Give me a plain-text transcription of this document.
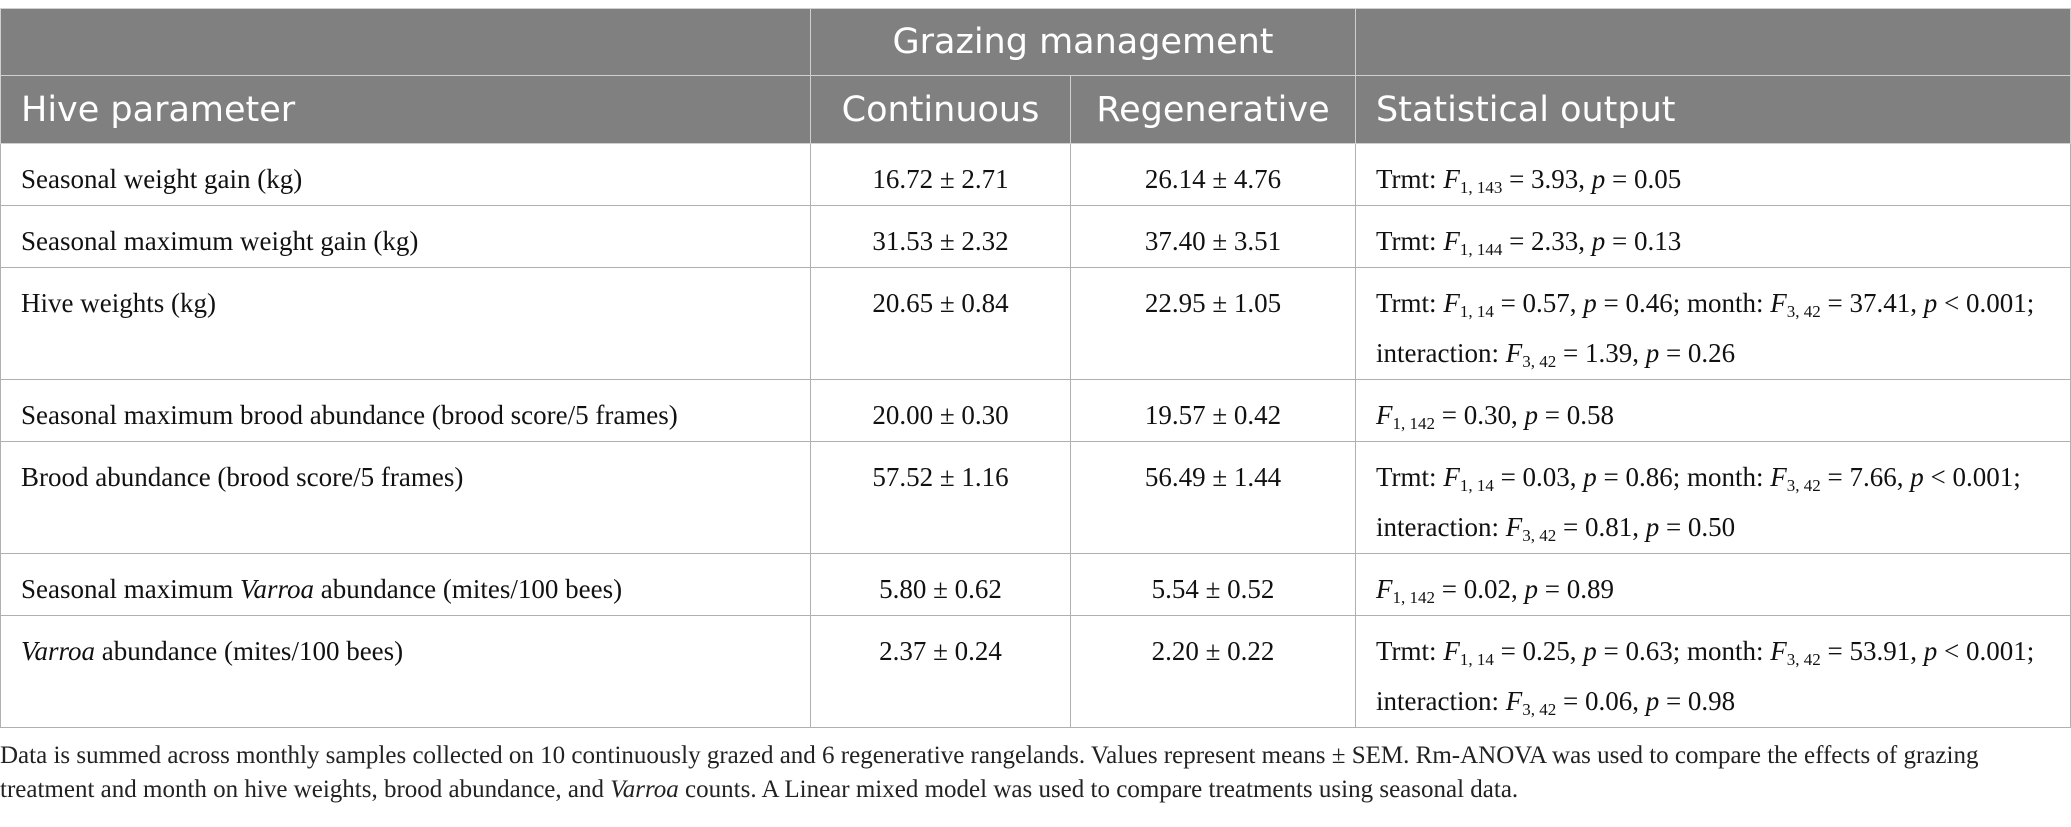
	Grazing management		
Hive parameter	Continuous	Regenerative	Statistical output
Seasonal weight gain (kg)	16.72 ± 2.71	26.14 ± 4.76	Trmt: $F_{1, 143} = 3.93$, p = 0.05

Seasonal maximum weight gain (kg)	31.53 ± 2.32	37.40 ± 3.51	Trmt: $F_{1, 144} = 2.33$, p = 0.13

Hive weights (kg)	20.65 ± 0.84	22.95 ± 1.05	Trmt: $F_{1, 14} = 0.57$, p = 0.46; month: $F_{3, 42} = 37.41$, p < 0.001;
interaction: $F_{3, 42} = 1.39$, p = 0.26

Seasonal maximum brood abundance (brood score/5 frames)	20.00 ± 0.30	19.57 ± 0.42	$F_{1, 142} = 0.30$, p = 0.58

Brood abundance (brood score/5 frames)	57.52 ± 1.16	56.49 ± 1.44	Trmt: $F_{1, 14} = 0.03$, p = 0.86; month: $F_{3, 42} = 7.66$, p < 0.001;
interaction: $F_{3, 42} = 0.81$, p = 0.50

Seasonal maximum Varroa abundance (mites/100 bees)	5.80 ± 0.62	5.54 ± 0.52	$F_{1, 142} = 0.02$, p = 0.89

Varroa abundance (mites/100 bees)	2.37 ± 0.24	2.20 ± 0.22	Trmt: $F_{1, 14} = 0.25$, p = 0.63; month: $F_{3, 42} = 53.91$, p < 0.001;
interaction: $F_{3, 42} = 0.06$, p = 0.98

Data is summed across monthly samples collected on 10 continuously grazed and 6 regenerative rangelands. Values represent means ± SEM. Rm-ANOVA was used to compare the effects of grazing treatment and month on hive weights, brood abundance, and Varroa counts. A Linear mixed model was used to compare treatments using seasonal data.
